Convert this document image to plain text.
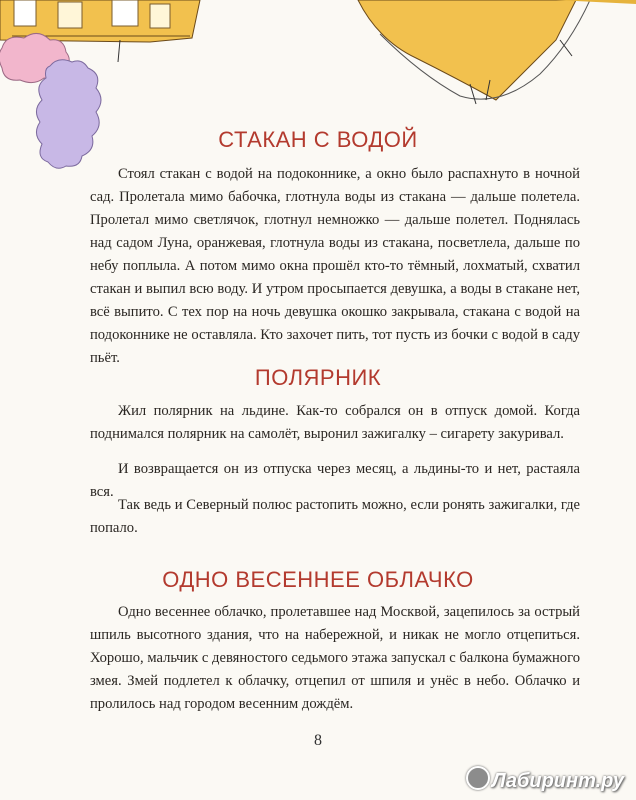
СТАКАН С ВОДОЙ

Стоял стакан с водой на подоконнике, а окно было распахнуто в ночной сад. Пролетала мимо бабочка, глотнула воды из стакана — дальше полетела. Пролетал мимо светлячок, глотнул немножко — дальше полетел. Поднялась над садом Луна, оранжевая, глотнула воды из стакана, посветлела, дальше по небу поплыла. А потом мимо окна прошёл кто-то тёмный, лохматый, схватил стакан и выпил всю воду. И утром просыпается девушка, а воды в стакане нет, всё выпито. С тех пор на ночь девушка окошко закрывала, стакана с водой на подоконнике не оставляла. Кто захочет пить, тот пусть из бочки с водой в саду пьёт.

ПОЛЯРНИК

Жил полярник на льдине. Как-то собрался он в отпуск домой. Когда поднимался полярник на самолёт, выронил зажигалку – сигарету закуривал.

И возвращается он из отпуска через месяц, а льдины-то и нет, растаяла вся.

Так ведь и Северный полюс растопить можно, если ронять зажигалки, где попало.

ОДНО ВЕСЕННЕЕ ОБЛАЧКО

Одно весеннее облачко, пролетавшее над Москвой, зацепилось за острый шпиль высотного здания, что на набережной, и никак не могло отцепиться. Хорошо, мальчик с девяностого седьмого этажа запускал с балкона бумажного змея. Змей подлетел к облачку, отцепил от шпиля и унёс в небо. Облачко и пролилось над городом весенним дождём.

8
Лабиринт.ру
